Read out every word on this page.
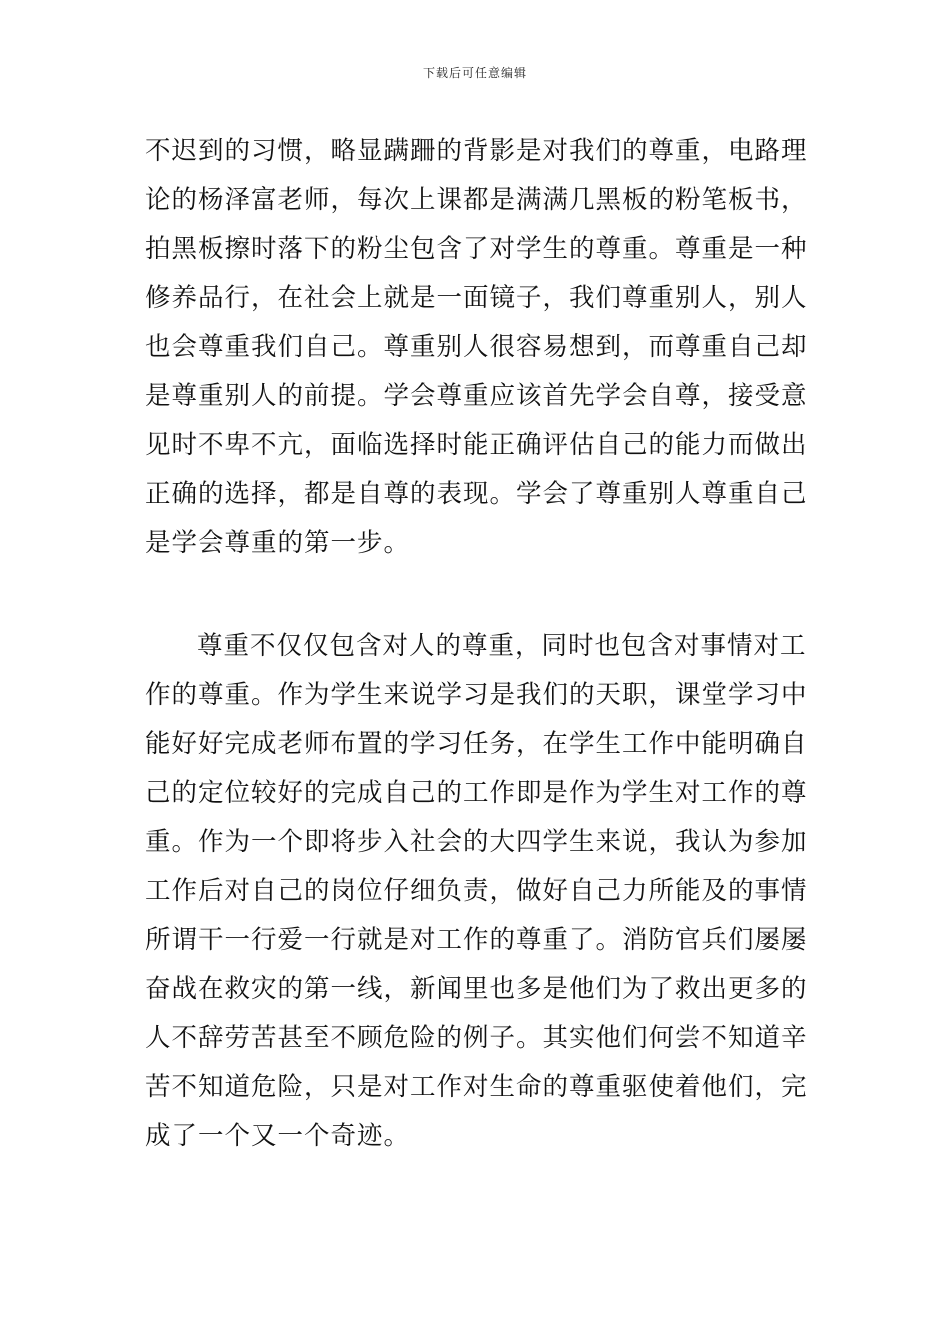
下载后可任意编辑
不迟到的习惯，略显蹒跚的背影是对我们的尊重，电路理
论的杨泽富老师，每次上课都是满满几黑板的粉笔板书，
拍黑板擦时落下的粉尘包含了对学生的尊重。尊重是一种
修养品行，在社会上就是一面镜子，我们尊重别人，别人
也会尊重我们自己。尊重别人很容易想到，而尊重自己却
是尊重别人的前提。学会尊重应该首先学会自尊，接受意
见时不卑不亢，面临选择时能正确评估自己的能力而做出
正确的选择，都是自尊的表现。学会了尊重别人尊重自己
是学会尊重的第一步。
尊重不仅仅包含对人的尊重，同时也包含对事情对工
作的尊重。作为学生来说学习是我们的天职，课堂学习中
能好好完成老师布置的学习任务，在学生工作中能明确自
己的定位较好的完成自己的工作即是作为学生对工作的尊
重。作为一个即将步入社会的大四学生来说，我认为参加
工作后对自己的岗位仔细负责，做好自己力所能及的事情
所谓干一行爱一行就是对工作的尊重了。消防官兵们屡屡
奋战在救灾的第一线，新闻里也多是他们为了救出更多的
人不辞劳苦甚至不顾危险的例子。其实他们何尝不知道辛
苦不知道危险，只是对工作对生命的尊重驱使着他们，完
成了一个又一个奇迹。
